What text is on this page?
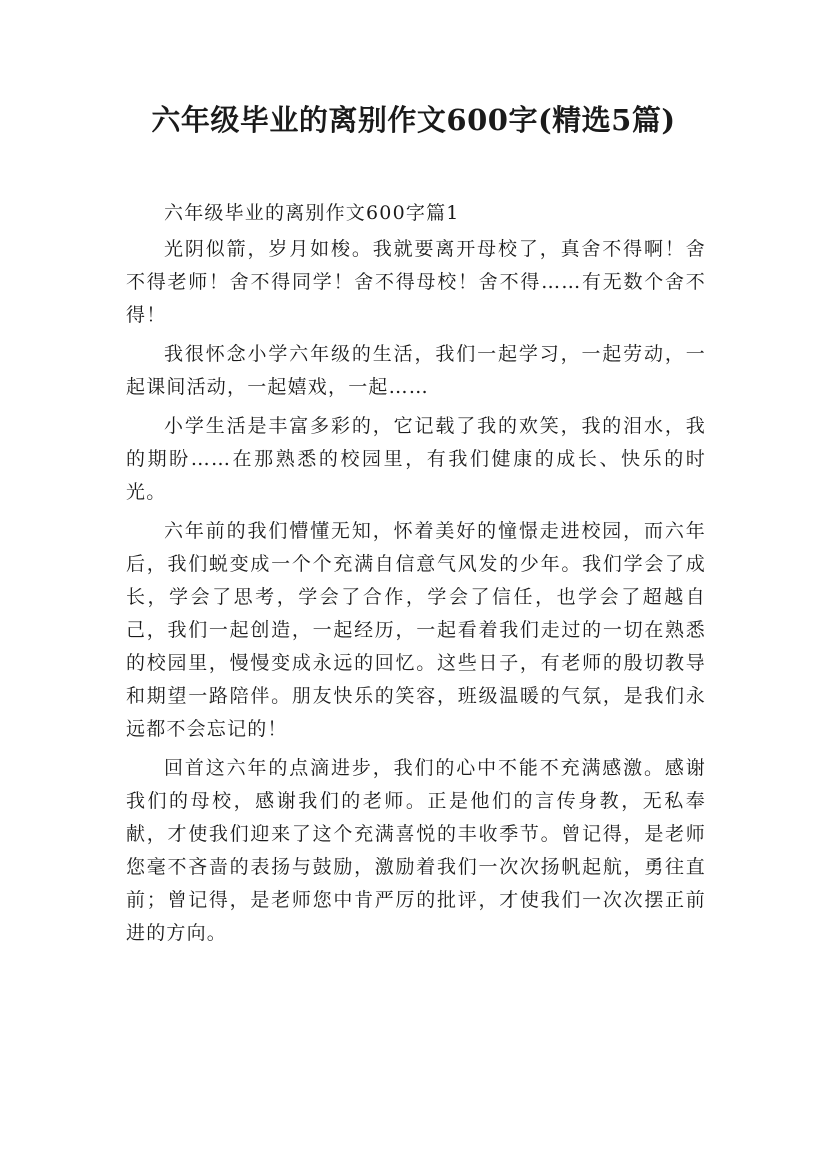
六年级毕业的离别作文600字(精选5篇)

六年级毕业的离别作文600字篇1

光阴似箭，岁月如梭。我就要离开母校了，真舍不得啊！舍不得老师！舍不得同学！舍不得母校！舍不得……有无数个舍不得！

我很怀念小学六年级的生活，我们一起学习，一起劳动，一起课间活动，一起嬉戏，一起……

小学生活是丰富多彩的，它记载了我的欢笑，我的泪水，我的期盼……在那熟悉的校园里，有我们健康的成长、快乐的时光。

六年前的我们懵懂无知，怀着美好的憧憬走进校园，而六年后，我们蜕变成一个个充满自信意气风发的少年。我们学会了成长，学会了思考，学会了合作，学会了信任，也学会了超越自己，我们一起创造，一起经历，一起看着我们走过的一切在熟悉的校园里，慢慢变成永远的回忆。这些日子，有老师的殷切教导和期望一路陪伴。朋友快乐的笑容，班级温暖的气氛，是我们永远都不会忘记的！

回首这六年的点滴进步，我们的心中不能不充满感激。感谢我们的母校，感谢我们的老师。正是他们的言传身教，无私奉献，才使我们迎来了这个充满喜悦的丰收季节。曾记得，是老师您毫不吝啬的表扬与鼓励，激励着我们一次次扬帆起航，勇往直前；曾记得，是老师您中肯严厉的批评，才使我们一次次摆正前进的方向。
